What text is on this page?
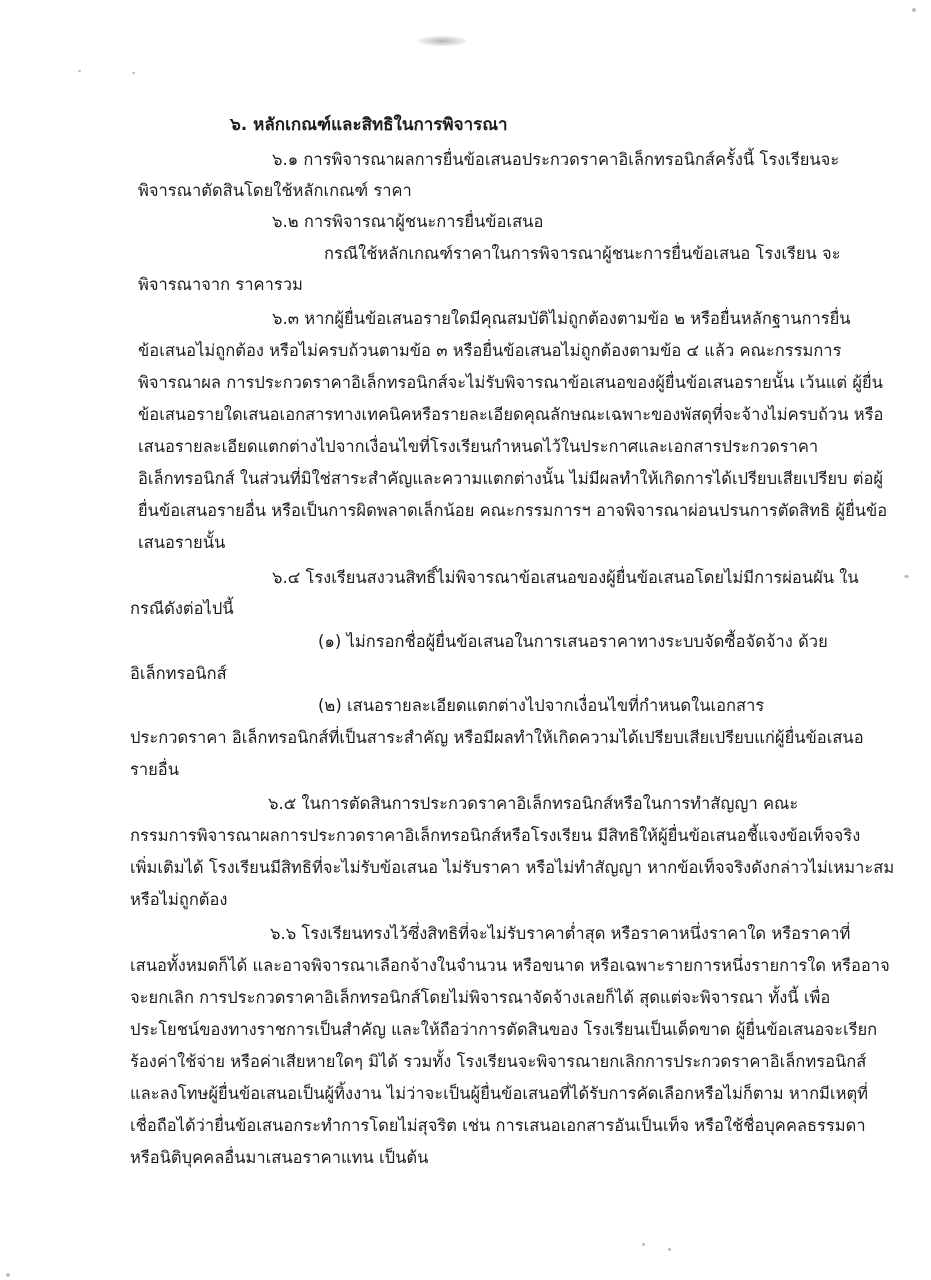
๖. หลักเกณฑ์และสิทธิในการพิจารณา
๖.๑ การพิจารณาผลการยื่นข้อเสนอประกวดราคาอิเล็กทรอนิกส์ครั้งนี้ โรงเรียนจะ
พิจารณาตัดสินโดยใช้หลักเกณฑ์ ราคา
๖.๒ การพิจารณาผู้ชนะการยื่นข้อเสนอ
กรณีใช้หลักเกณฑ์ราคาในการพิจารณาผู้ชนะการยื่นข้อเสนอ โรงเรียน จะ
พิจารณาจาก ราคารวม
๖.๓ หากผู้ยื่นข้อเสนอรายใดมีคุณสมบัติไม่ถูกต้องตามข้อ ๒ หรือยื่นหลักฐานการยื่น
ข้อเสนอไม่ถูกต้อง หรือไม่ครบถ้วนตามข้อ ๓ หรือยื่นข้อเสนอไม่ถูกต้องตามข้อ ๔ แล้ว คณะกรรมการ
พิจารณาผล การประกวดราคาอิเล็กทรอนิกส์จะไม่รับพิจารณาข้อเสนอของผู้ยื่นข้อเสนอรายนั้น เว้นแต่ ผู้ยื่น
ข้อเสนอรายใดเสนอเอกสารทางเทคนิคหรือรายละเอียดคุณลักษณะเฉพาะของพัสดุที่จะจ้างไม่ครบถ้วน หรือ
เสนอรายละเอียดแตกต่างไปจากเงื่อนไขที่โรงเรียนกำหนดไว้ในประกาศและเอกสารประกวดราคา
อิเล็กทรอนิกส์ ในส่วนที่มิใช่สาระสำคัญและความแตกต่างนั้น ไม่มีผลทำให้เกิดการได้เปรียบเสียเปรียบ ต่อผู้
ยื่นข้อเสนอรายอื่น หรือเป็นการผิดพลาดเล็กน้อย คณะกรรมการฯ อาจพิจารณาผ่อนปรนการตัดสิทธิ ผู้ยื่นข้อ
เสนอรายนั้น
๖.๔ โรงเรียนสงวนสิทธิ์ไม่พิจารณาข้อเสนอของผู้ยื่นข้อเสนอโดยไม่มีการผ่อนผัน ใน
กรณีดังต่อไปนี้
(๑) ไม่กรอกชื่อผู้ยื่นข้อเสนอในการเสนอราคาทางระบบจัดซื้อจัดจ้าง ด้วย
อิเล็กทรอนิกส์
(๒) เสนอรายละเอียดแตกต่างไปจากเงื่อนไขที่กำหนดในเอกสาร
ประกวดราคา อิเล็กทรอนิกส์ที่เป็นสาระสำคัญ หรือมีผลทำให้เกิดความได้เปรียบเสียเปรียบแก่ผู้ยื่นข้อเสนอ
รายอื่น
๖.๕ ในการตัดสินการประกวดราคาอิเล็กทรอนิกส์หรือในการทำสัญญา คณะ
กรรมการพิจารณาผลการประกวดราคาอิเล็กทรอนิกส์หรือโรงเรียน มีสิทธิให้ผู้ยื่นข้อเสนอชี้แจงข้อเท็จจริง
เพิ่มเติมได้ โรงเรียนมีสิทธิที่จะไม่รับข้อเสนอ ไม่รับราคา หรือไม่ทำสัญญา หากข้อเท็จจริงดังกล่าวไม่เหมาะสม
หรือไม่ถูกต้อง
๖.๖ โรงเรียนทรงไว้ซึ่งสิทธิที่จะไม่รับราคาต่ำสุด หรือราคาหนึ่งราคาใด หรือราคาที่
เสนอทั้งหมดก็ได้ และอาจพิจารณาเลือกจ้างในจำนวน หรือขนาด หรือเฉพาะรายการหนึ่งรายการใด หรืออาจ
จะยกเลิก การประกวดราคาอิเล็กทรอนิกส์โดยไม่พิจารณาจัดจ้างเลยก็ได้ สุดแต่จะพิจารณา ทั้งนี้ เพื่อ
ประโยชน์ของทางราชการเป็นสำคัญ และให้ถือว่าการตัดสินของ โรงเรียนเป็นเด็ดขาด ผู้ยื่นข้อเสนอจะเรียก
ร้องค่าใช้จ่าย หรือค่าเสียหายใดๆ มิได้ รวมทั้ง โรงเรียนจะพิจารณายกเลิกการประกวดราคาอิเล็กทรอนิกส์
และลงโทษผู้ยื่นข้อเสนอเป็นผู้ทิ้งงาน ไม่ว่าจะเป็นผู้ยื่นข้อเสนอที่ได้รับการคัดเลือกหรือไม่ก็ตาม หากมีเหตุที่
เชื่อถือได้ว่ายื่นข้อเสนอกระทำการโดยไม่สุจริต เช่น การเสนอเอกสารอันเป็นเท็จ หรือใช้ชื่อบุคคลธรรมดา
หรือนิติบุคคลอื่นมาเสนอราคาแทน เป็นต้น
